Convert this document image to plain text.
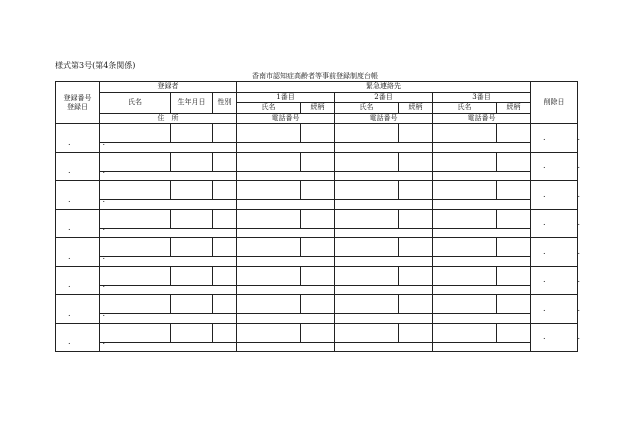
様式第3号(第4条関係)
香南市認知症高齢者等事前登録制度台帳
登録番号
登録日	登録者			緊急連絡先						削除日
	氏名	生年月日	性別	1番目		2番目		3番目		
				氏名	続柄	氏名	続柄	氏名	続柄	
	住　所			電話番号		電話番号		電話番号		
.　.										.　.

.　.										.　.

.　.										.　.

.　.										.　.

.　.										.　.

.　.										.　.

.　.										.　.

.　.										.　.
